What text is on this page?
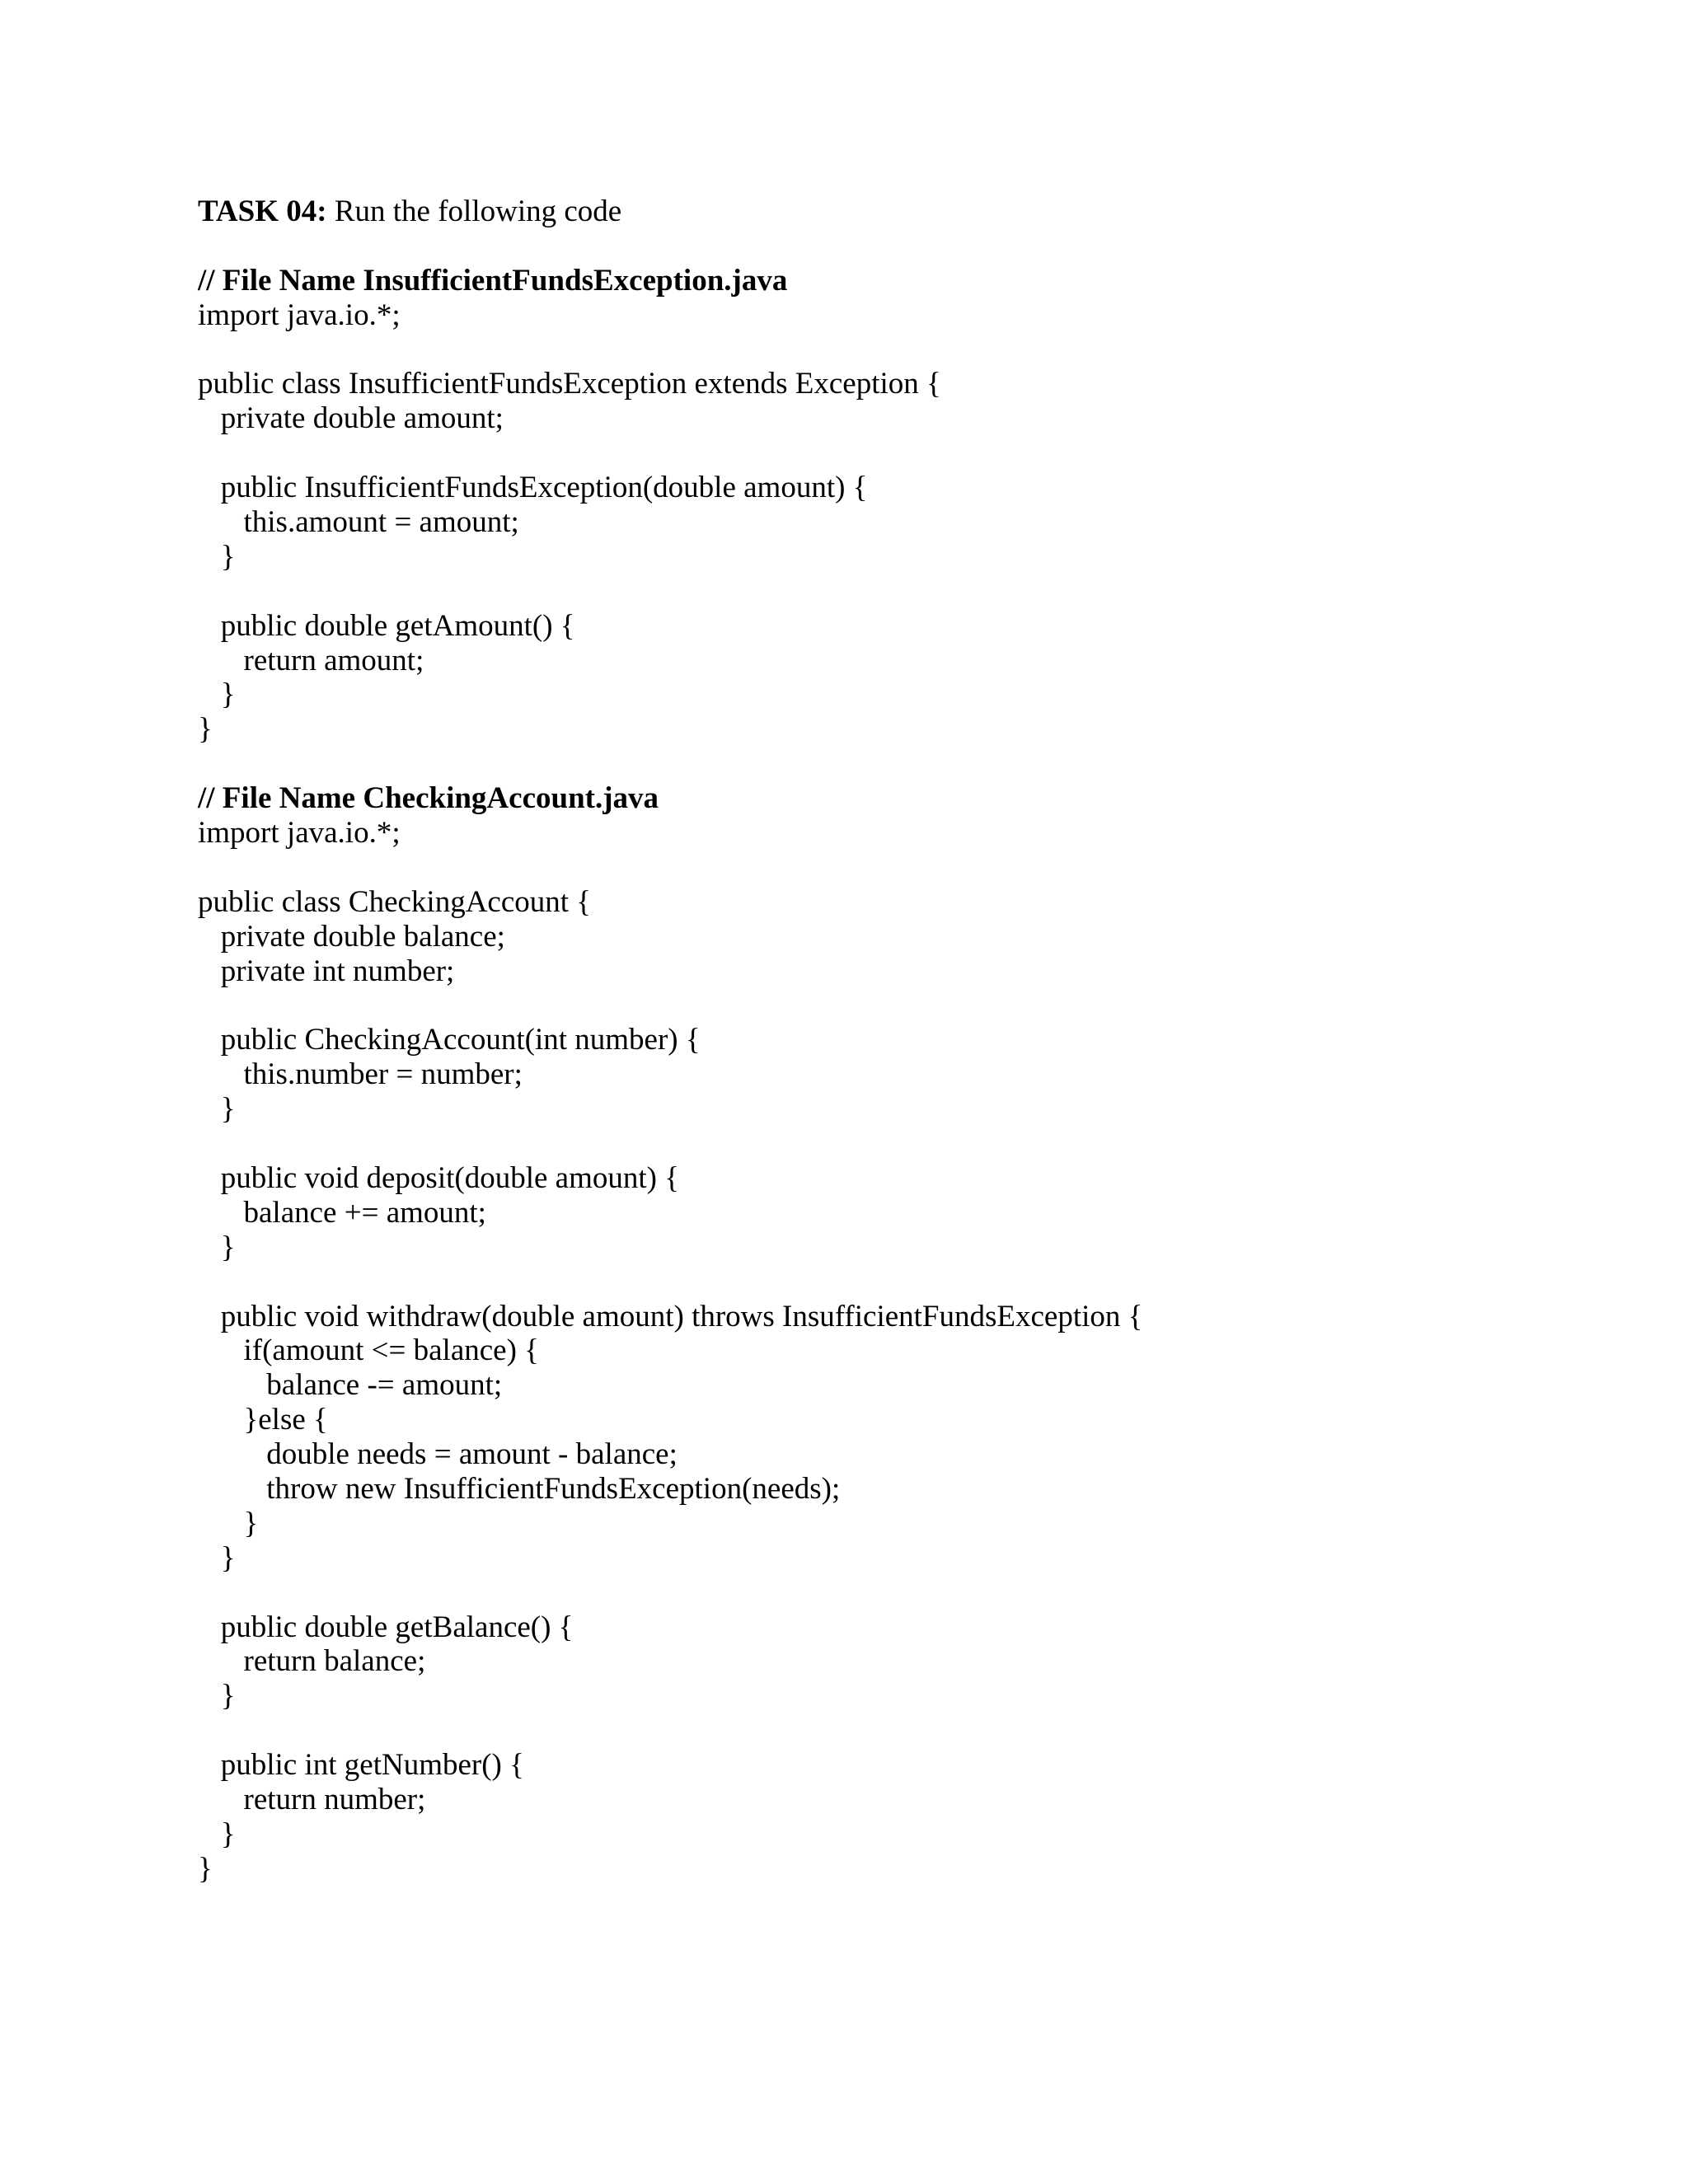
TASK 04: Run the following code
// File Name InsufficientFundsException.java
import java.io.*;
public class InsufficientFundsException extends Exception {
private double amount;
public InsufficientFundsException(double amount) {
this.amount = amount;
}
public double getAmount() {
return amount;
}
}
// File Name CheckingAccount.java
import java.io.*;
public class CheckingAccount {
private double balance;
private int number;
public CheckingAccount(int number) {
this.number = number;
}
public void deposit(double amount) {
balance += amount;
}
public void withdraw(double amount) throws InsufficientFundsException {
if(amount <= balance) {
balance -= amount;
}else {
double needs = amount - balance;
throw new InsufficientFundsException(needs);
}
}
public double getBalance() {
return balance;
}
public int getNumber() {
return number;
}
}
